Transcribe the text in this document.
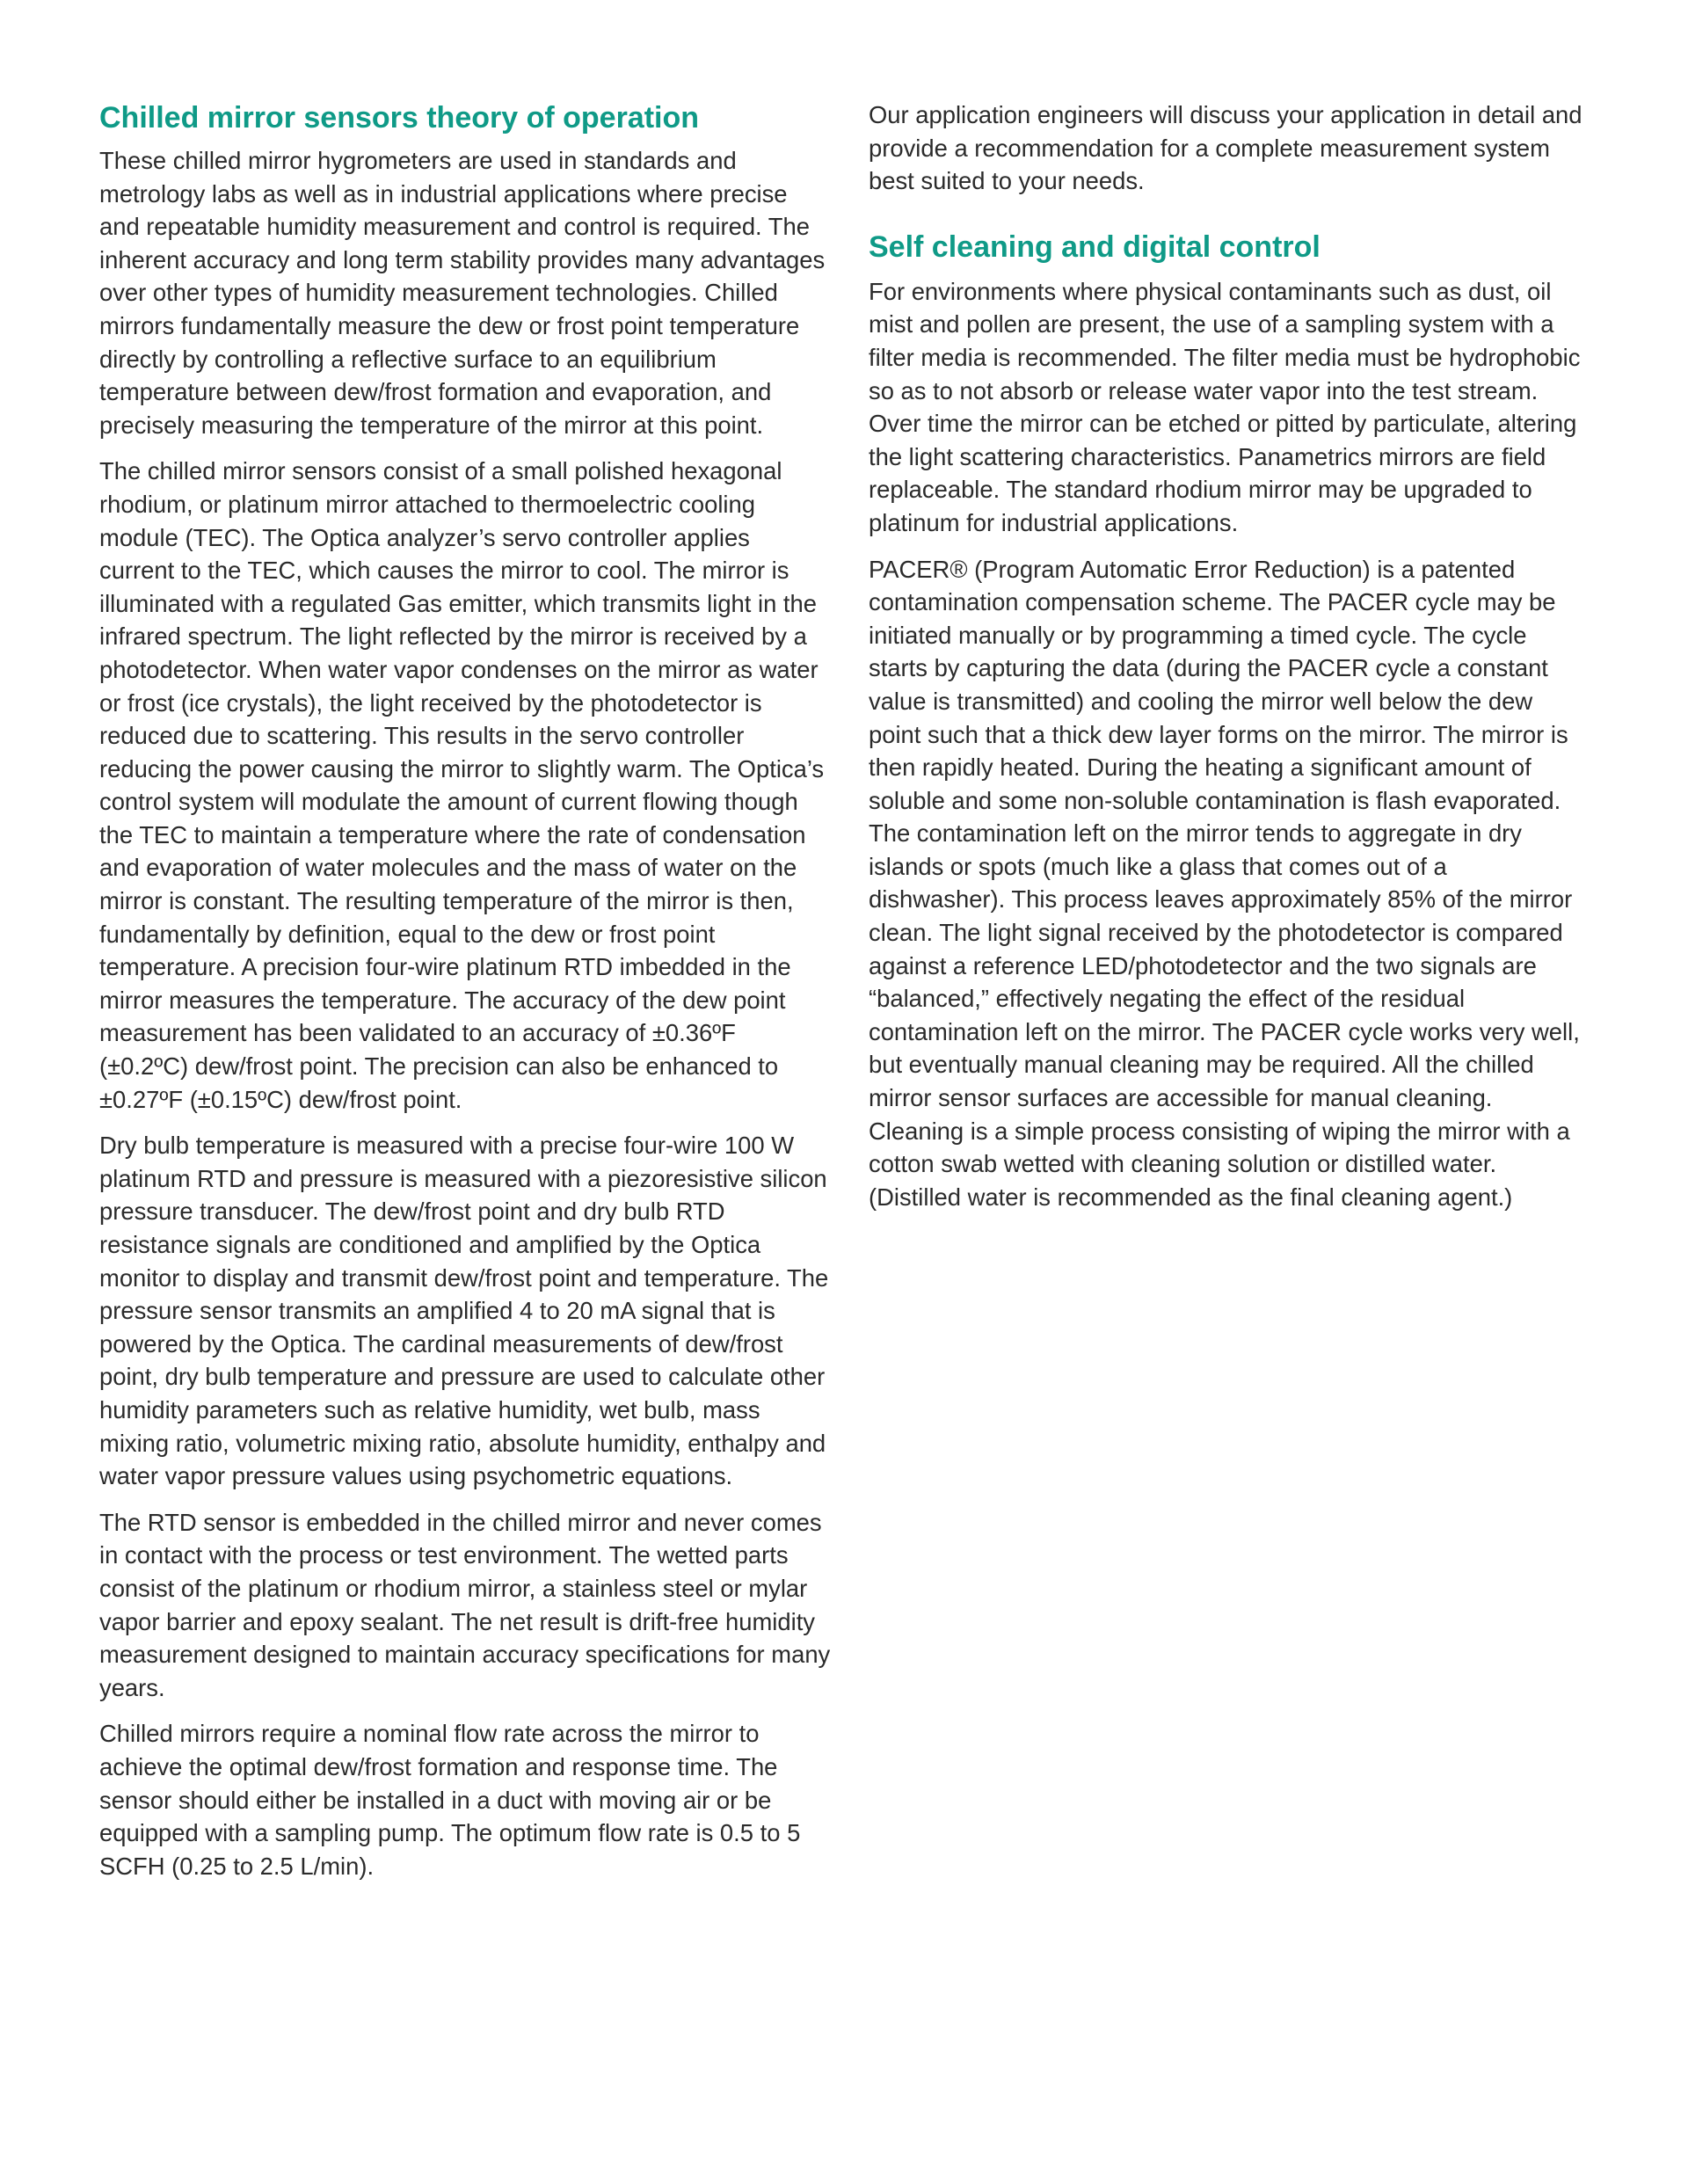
Chilled mirror sensors theory of operation

These chilled mirror hygrometers are used in standards and metrology labs as well as in industrial applications where precise and repeatable humidity measurement and control is required. The inherent accuracy and long term stability provides many advantages over other types of humidity measurement technologies. Chilled mirrors fundamentally measure the dew or frost point temperature directly by controlling a reflective surface to an equilibrium temperature between dew/frost formation and evaporation, and precisely measuring the temperature of the mirror at this point.

The chilled mirror sensors consist of a small polished hexagonal rhodium, or platinum mirror attached to thermoelectric cooling module (TEC). The Optica analyzer’s servo controller applies current to the TEC, which causes the mirror to cool. The mirror is illuminated with a regulated Gas emitter, which transmits light in the infrared spectrum. The light reflected by the mirror is received by a photodetector. When water vapor condenses on the mirror as water or frost (ice crystals), the light received by the photodetector is reduced due to scattering. This results in the servo controller reducing the power causing the mirror to slightly warm. The Optica’s control system will modulate the amount of current flowing though the TEC to maintain a temperature where the rate of condensation and evaporation of water molecules and the mass of water on the mirror is constant. The resulting temperature of the mirror is then, fundamentally by definition, equal to the dew or frost point temperature. A precision four-wire platinum RTD imbedded in the mirror measures the temperature. The accuracy of the dew point measurement has been validated to an accuracy of ±0.36ºF (±0.2ºC) dew/frost point. The precision can also be enhanced to ±0.27ºF (±0.15ºC) dew/frost point.

Dry bulb temperature is measured with a precise four-wire 100 W platinum RTD and pressure is measured with a piezoresistive silicon pressure transducer. The dew/frost point and dry bulb RTD resistance signals are conditioned and amplified by the Optica monitor to display and transmit dew/frost point and temperature. The pressure sensor transmits an amplified 4 to 20 mA signal that is powered by the Optica. The cardinal measurements of dew/frost point, dry bulb temperature and pressure are used to calculate other humidity parameters such as relative humidity, wet bulb, mass mixing ratio, volumetric mixing ratio, absolute humidity, enthalpy and water vapor pressure values using psychometric equations.

The RTD sensor is embedded in the chilled mirror and never comes in contact with the process or test environment. The wetted parts consist of the platinum or rhodium mirror, a stainless steel or mylar vapor barrier and epoxy sealant. The net result is drift-free humidity measurement designed to maintain accuracy specifications for many years.

Chilled mirrors require a nominal flow rate across the mirror to achieve the optimal dew/frost formation and response time. The sensor should either be installed in a duct with moving air or be equipped with a sampling pump. The optimum flow rate is 0.5 to 5 SCFH (0.25 to 2.5 L/min).

Our application engineers will discuss your application in detail and provide a recommendation for a complete measurement system best suited to your needs.

Self cleaning and digital control

For environments where physical contaminants such as dust, oil mist and pollen are present, the use of a sampling system with a filter media is recommended. The filter media must be hydrophobic so as to not absorb or release water vapor into the test stream. Over time the mirror can be etched or pitted by particulate, altering the light scattering characteristics. Panametrics mirrors are field replaceable. The standard rhodium mirror may be upgraded to platinum for industrial applications.

PACER® (Program Automatic Error Reduction) is a patented contamination compensation scheme. The PACER cycle may be initiated manually or by programming a timed cycle. The cycle starts by capturing the data (during the PACER cycle a constant value is transmitted) and cooling the mirror well below the dew point such that a thick dew layer forms on the mirror. The mirror is then rapidly heated. During the heating a significant amount of soluble and some non-soluble contamination is flash evaporated. The contamination left on the mirror tends to aggregate in dry islands or spots (much like a glass that comes out of a dishwasher). This process leaves approximately 85% of the mirror clean. The light signal received by the photodetector is compared against a reference LED/photodetector and the two signals are “balanced,” effectively negating the effect of the residual contamination left on the mirror. The PACER cycle works very well, but eventually manual cleaning may be required. All the chilled mirror sensor surfaces are accessible for manual cleaning. Cleaning is a simple process consisting of wiping the mirror with a cotton swab wetted with cleaning solution or distilled water. (Distilled water is recommended as the final cleaning agent.)
